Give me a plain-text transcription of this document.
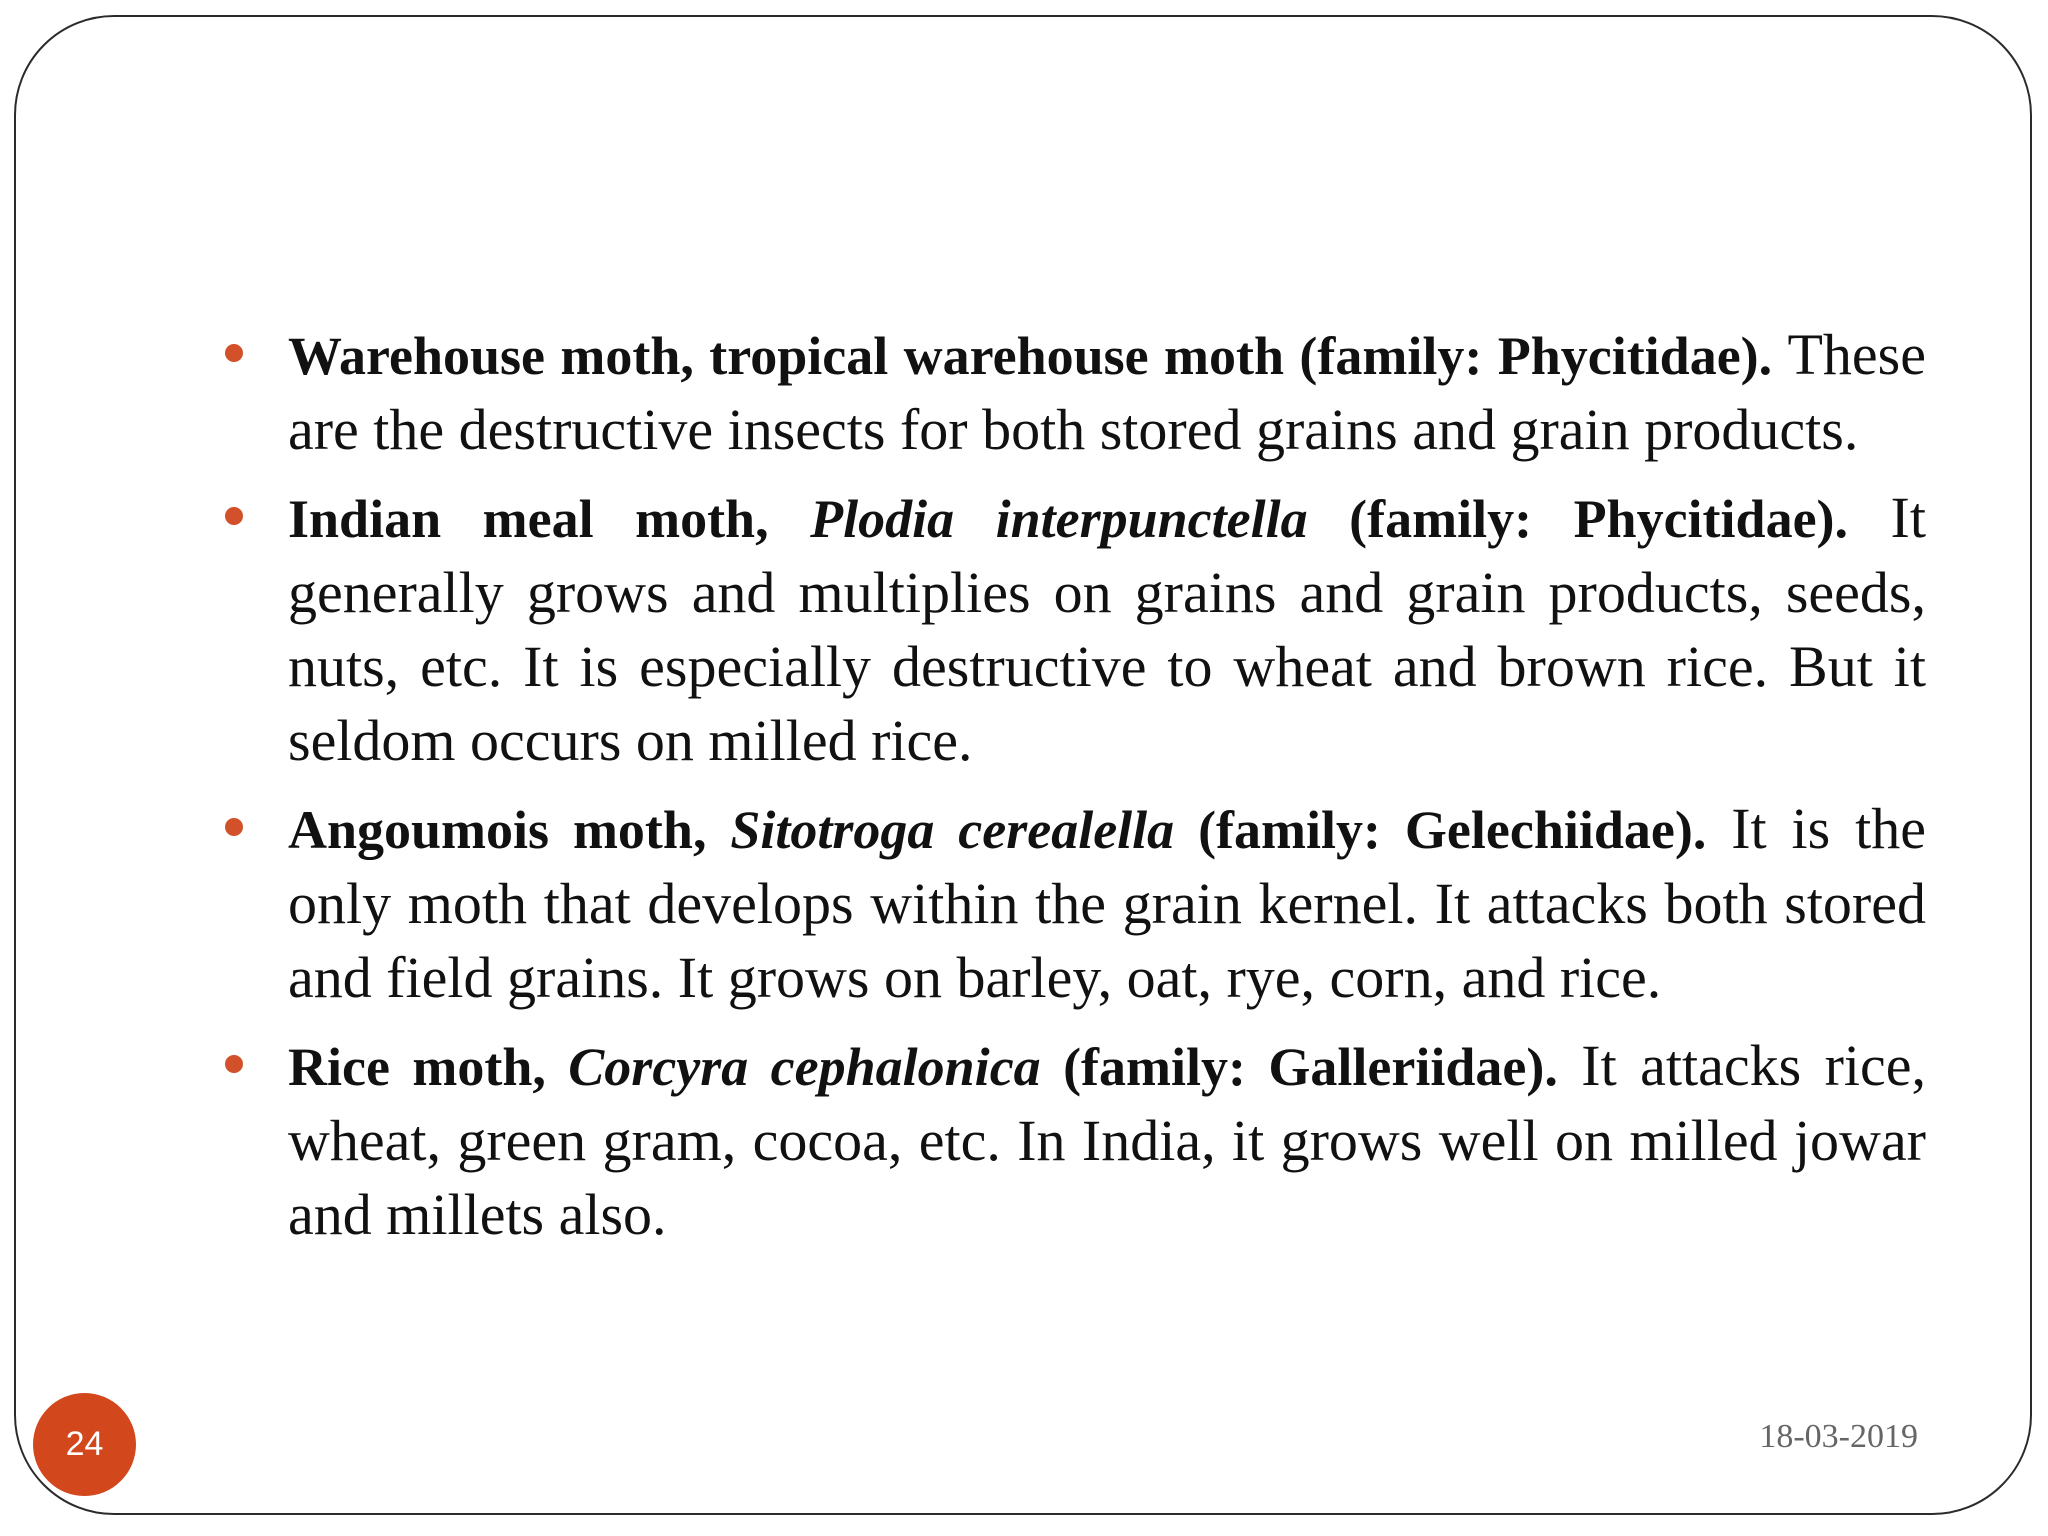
Warehouse moth, tropical warehouse moth (family: Phycitidae). These are the destructive insects for both stored grains and grain products.

Indian meal moth, Plodia interpunctella (family: Phycitidae). It generally grows and multiplies on grains and grain products, seeds, nuts, etc. It is especially destructive to wheat and brown rice. But it seldom occurs on milled rice.

Angoumois moth, Sitotroga cerealella (family: Gelechiidae). It is the only moth that develops within the grain kernel. It attacks both stored and field grains. It grows on barley, oat, rye, corn, and rice.

Rice moth, Corcyra cephalonica (family: Galleriidae). It attacks rice, wheat, green gram, cocoa, etc. In India, it grows well on milled jowar and millets also.

24	18-03-2019
